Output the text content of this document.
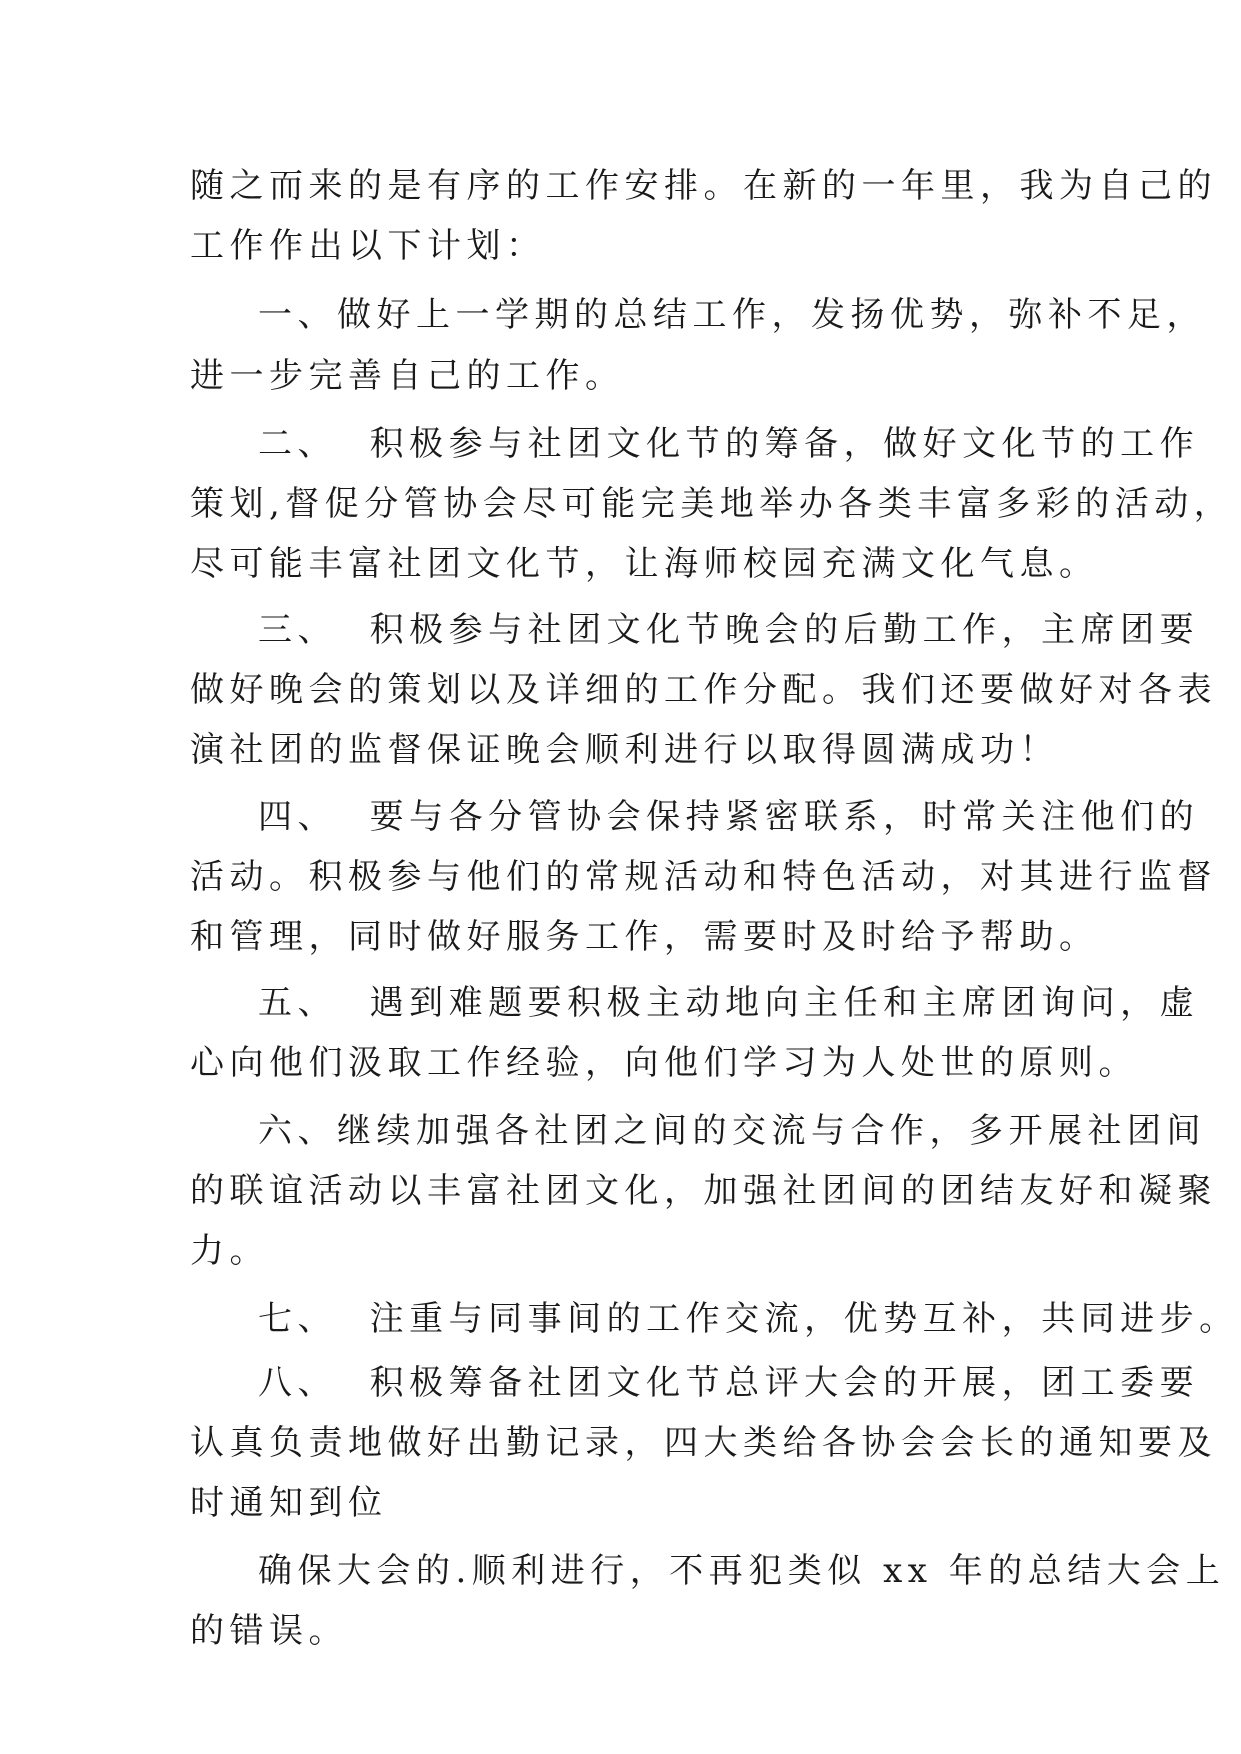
随之而来的是有序的工作安排。在新的一年里，我为自己的
工作作出以下计划：
一、做好上一学期的总结工作，发扬优势，弥补不足，
进一步完善自己的工作。
二、  积极参与社团文化节的筹备，做好文化节的工作
策划,督促分管协会尽可能完美地举办各类丰富多彩的活动，
尽可能丰富社团文化节，让海师校园充满文化气息。
三、  积极参与社团文化节晚会的后勤工作，主席团要
做好晚会的策划以及详细的工作分配。我们还要做好对各表
演社团的监督保证晚会顺利进行以取得圆满成功！
四、  要与各分管协会保持紧密联系，时常关注他们的
活动。积极参与他们的常规活动和特色活动，对其进行监督
和管理，同时做好服务工作，需要时及时给予帮助。
五、  遇到难题要积极主动地向主任和主席团询问，虚
心向他们汲取工作经验，向他们学习为人处世的原则。
六、继续加强各社团之间的交流与合作，多开展社团间
的联谊活动以丰富社团文化，加强社团间的团结友好和凝聚
力。
七、  注重与同事间的工作交流，优势互补，共同进步。
八、  积极筹备社团文化节总评大会的开展，团工委要
认真负责地做好出勤记录，四大类给各协会会长的通知要及
时通知到位
确保大会的.顺利进行，不再犯类似 xx 年的总结大会上
的错误。
